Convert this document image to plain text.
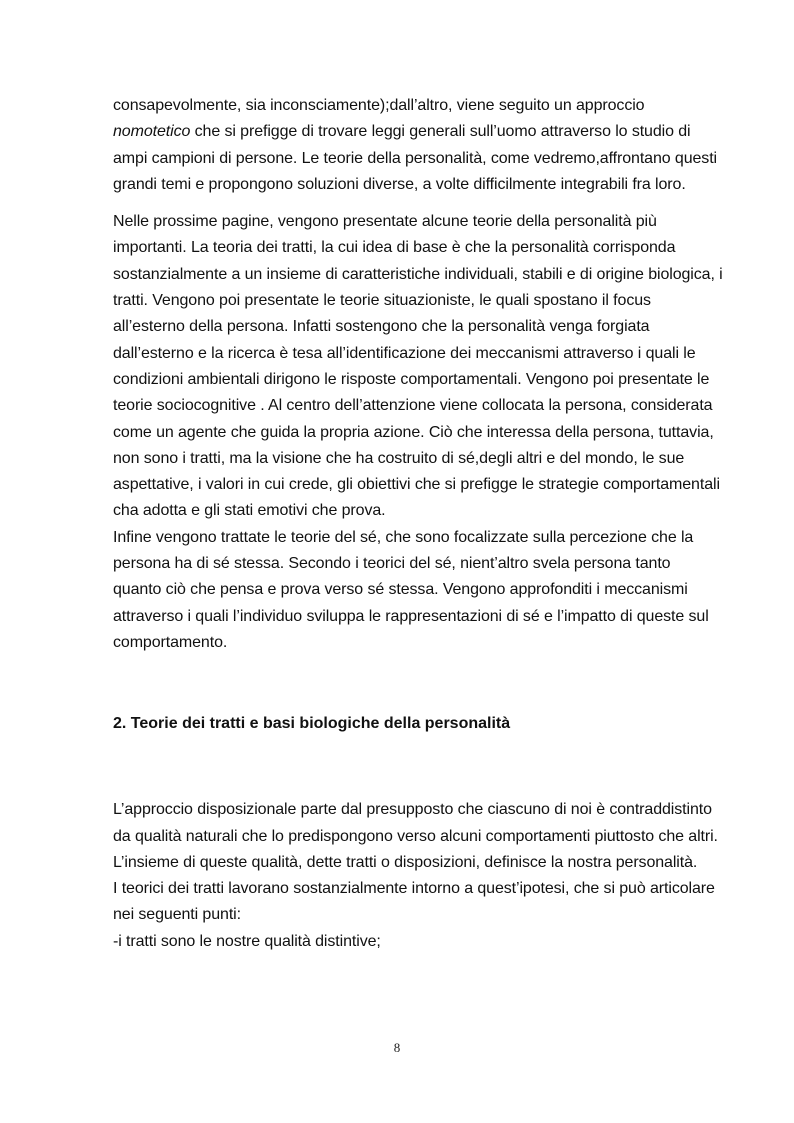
consapevolmente, sia inconsciamente);dall’altro, viene seguito un approccio nomotetico che si prefigge di trovare leggi generali sull’uomo attraverso lo studio di ampi campioni di persone. Le teorie della personalità, come vedremo,affrontano questi grandi temi e propongono soluzioni diverse, a volte difficilmente integrabili fra loro.

Nelle prossime pagine, vengono presentate alcune teorie della personalità più importanti. La teoria dei tratti, la cui idea di base è che la personalità corrisponda sostanzialmente a un insieme di caratteristiche individuali, stabili e di origine biologica, i tratti. Vengono poi presentate le teorie situazioniste, le quali spostano il focus all’esterno della persona. Infatti sostengono che la personalità venga forgiata dall’esterno e la ricerca è tesa all’identificazione dei meccanismi attraverso i quali le condizioni ambientali dirigono le risposte comportamentali. Vengono poi presentate le teorie sociocognitive . Al centro dell’attenzione viene collocata la persona, considerata come un agente che guida la propria azione. Ciò che interessa della persona, tuttavia, non sono i tratti, ma la visione che ha costruito di sé,degli altri e del mondo, le sue aspettative, i valori in cui crede, gli obiettivi che si prefigge le strategie comportamentali cha adotta e gli stati emotivi che prova.

Infine vengono trattate le teorie del sé, che sono focalizzate sulla percezione che la persona ha di sé stessa. Secondo i teorici del sé, nient’altro svela persona tanto quanto ciò che pensa e prova verso sé stessa. Vengono approfonditi i meccanismi attraverso i quali l’individuo sviluppa le rappresentazioni di sé e l’impatto di queste sul comportamento.

2. Teorie dei tratti e basi biologiche della personalità

L’approccio disposizionale parte dal presupposto che ciascuno di noi è contraddistinto da qualità naturali che lo predispongono verso alcuni comportamenti piuttosto che altri. L’insieme di queste qualità, dette tratti o disposizioni, definisce la nostra personalità.

I teorici dei tratti lavorano sostanzialmente intorno a quest’ipotesi, che si può articolare nei seguenti punti:

-i tratti sono le nostre qualità distintive;

8
